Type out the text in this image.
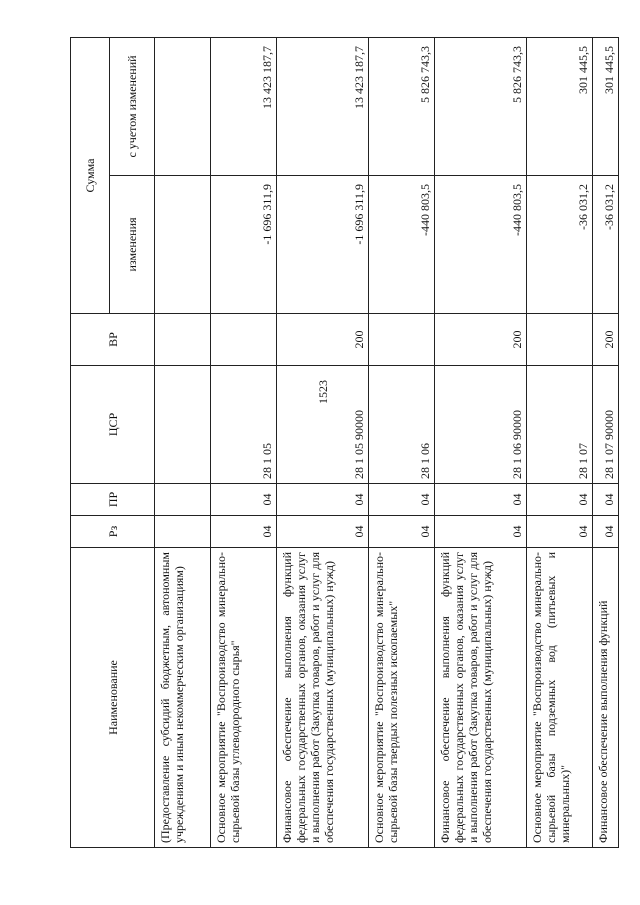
1523
Наименование	Рз	ПР	ЦСР	ВР	Сумма	
					изменения	с учетом изменений
(Предоставление субсидий бюджетным, автономным учреждениям и иным некоммерческим организациям)						
Основное мероприятие "Воспроизводство минерально-сырьевой базы углеводородного сырья"	04	04	28 1 05		-1 696 311,9	13 423 187,7
Финансовое обеспечение выполнения функций федеральных государственных органов, оказания услуг и выполнения работ (Закупка товаров, работ и услуг для обеспечения государственных (муниципальных) нужд)	04	04	28 1 05 90000	200	-1 696 311,9	13 423 187,7
Основное мероприятие "Воспроизводство минерально-сырьевой базы твердых полезных ископаемых"	04	04	28 1 06		-440 803,5	5 826 743,3
Финансовое обеспечение выполнения функций федеральных государственных органов, оказания услуг и выполнения работ (Закупка товаров, работ и услуг для обеспечения государственных (муниципальных) нужд)	04	04	28 1 06 90000	200	-440 803,5	5 826 743,3
Основное мероприятие "Воспроизводство минерально-сырьевой базы подземных вод (питьевых и минеральных)"	04	04	28 1 07		-36 031,2	301 445,5
Финансовое обеспечение выполнения функций	04	04	28 1 07 90000	200	-36 031,2	301 445,5
